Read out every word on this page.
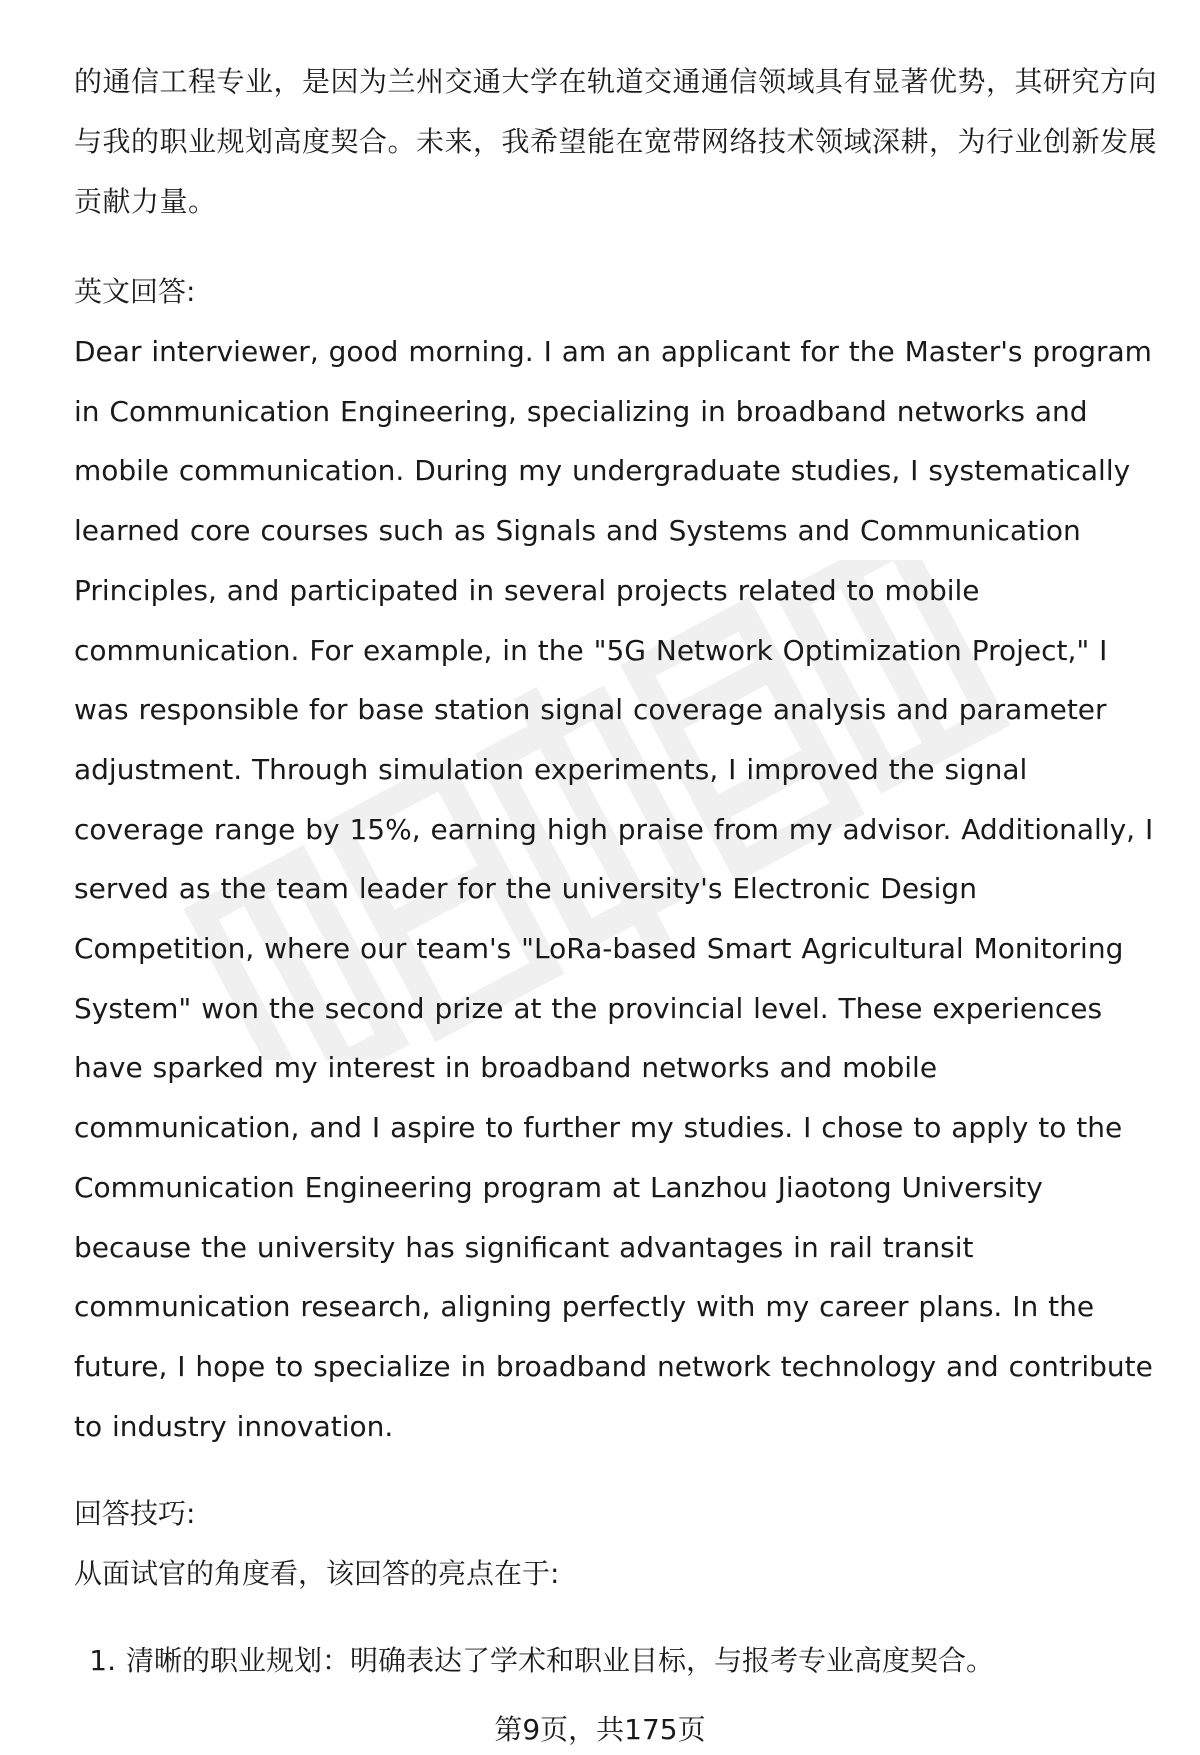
的通信工程专业，是因为兰州交通大学在轨道交通通信领域具有显著优势，其研究方向与我的职业规划高度契合。未来，我希望能在宽带网络技术领域深耕，为行业创新发展贡献力量。

英文回答:

Dear interviewer, good morning. I am an applicant for the Master's program in Communication Engineering, specializing in broadband networks and mobile communication. During my undergraduate studies, I systematically learned core courses such as Signals and Systems and Communication Principles, and participated in several projects related to mobile communication. For example, in the "5G Network Optimization Project," I was responsible for base station signal coverage analysis and parameter adjustment. Through simulation experiments, I improved the signal coverage range by 15%, earning high praise from my advisor. Additionally, I served as the team leader for the university's Electronic Design Competition, where our team's "LoRa-based Smart Agricultural Monitoring System" won the second prize at the provincial level. These experiences have sparked my interest in broadband networks and mobile communication, and I aspire to further my studies. I chose to apply to the Communication Engineering program at Lanzhou Jiaotong University because the university has significant advantages in rail transit communication research, aligning perfectly with my career plans. In the future, I hope to specialize in broadband network technology and contribute to industry innovation.

回答技巧:

从面试官的角度看，该回答的亮点在于:

1. 清晰的职业规划：明确表达了学术和职业目标，与报考专业高度契合。
第9页，共175页
